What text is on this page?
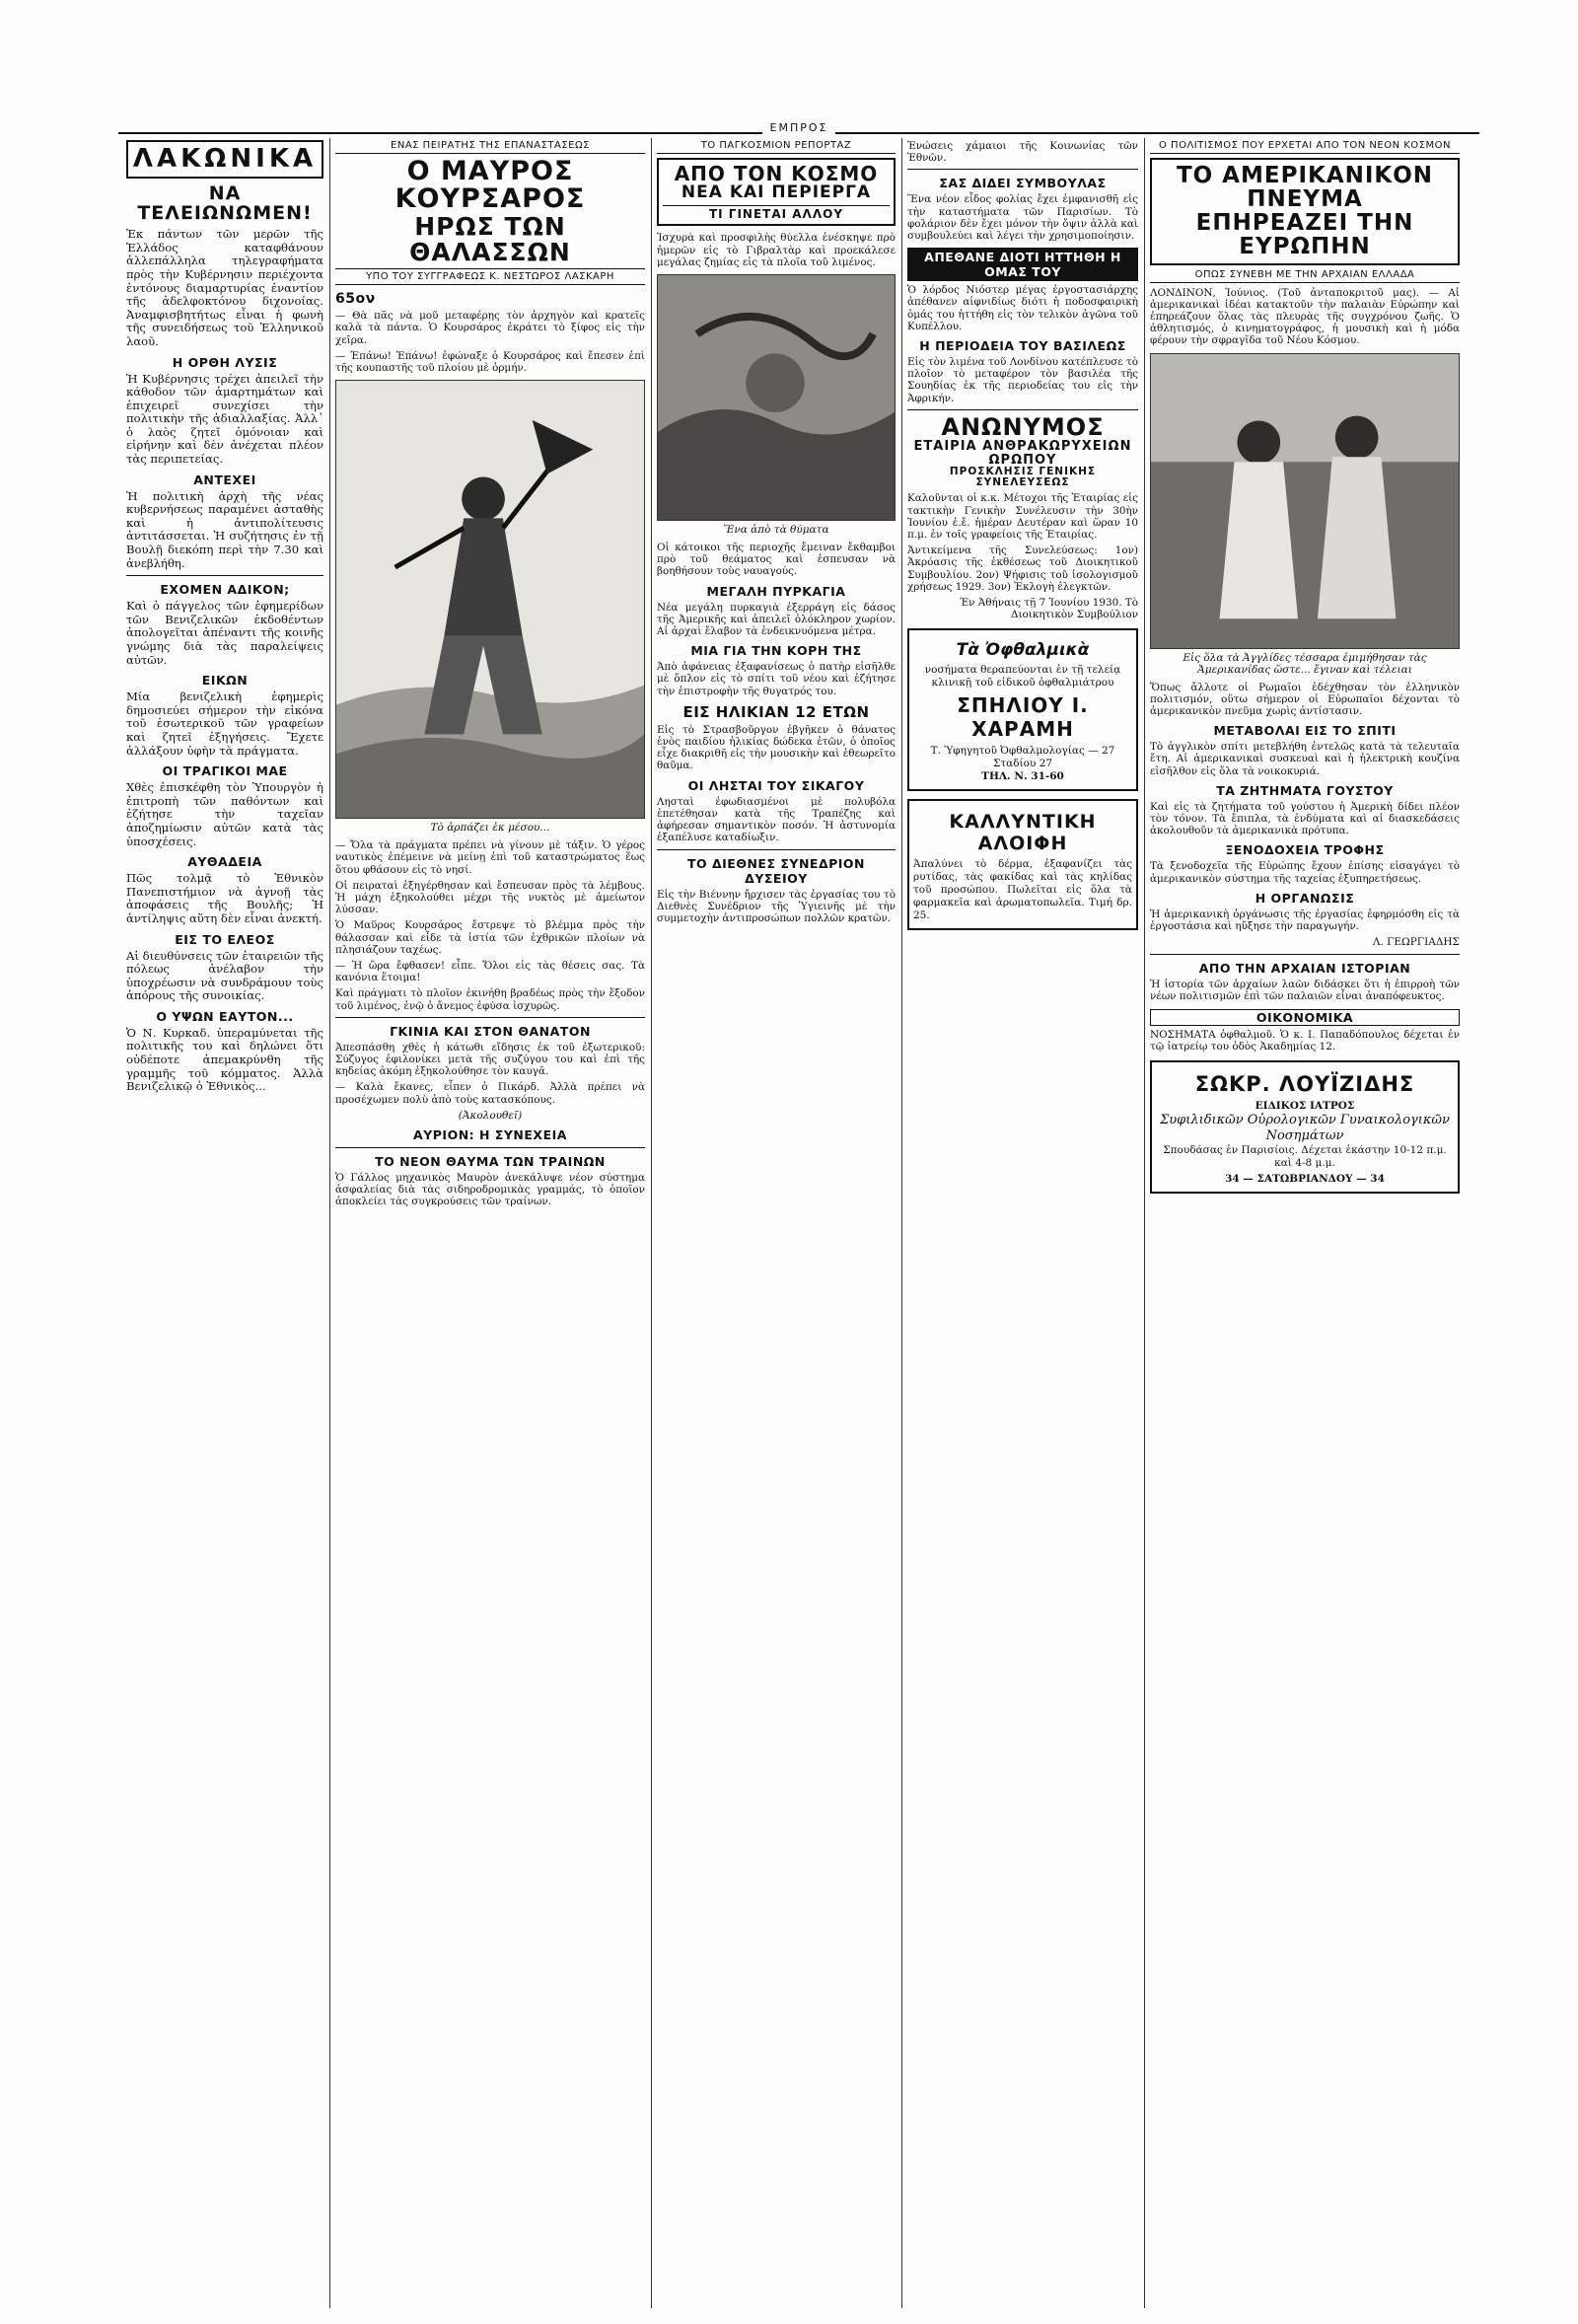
$^{EM\Pi PO\Sigma}$
ΛΑΚΩΝΙΚΑ
ΝΑ ΤΕΛΕΙΩΝΩΜΕΝ!

Ἐκ πάντων τῶν μερῶν τῆς Ἑλλάδος καταφθάνουν ἀλλεπάλληλα τηλεγραφήματα πρὸς τὴν Κυβέρνησιν περιέχοντα ἐντόνους διαμαρτυρίας ἐναντίον τῆς ἀδελφοκτόνου διχονοίας. Ἀναμφισβητήτως εἶναι ἡ φωνὴ τῆς συνειδήσεως τοῦ Ἑλληνικοῦ λαοῦ.

Η ΟΡΘΗ ΛΥΣΙΣ

Ἡ Κυβέρνησις τρέχει ἀπειλεῖ τὴν κάθοδον τῶν ἀμαρτημάτων καὶ ἐπιχειρεῖ συνεχίσει τὴν πολιτικὴν τῆς ἀδιαλλαξίας. Ἀλλ᾽ ὁ λαὸς ζητεῖ ὁμόνοιαν καὶ εἰρήνην καὶ δὲν ἀνέχεται πλέον τὰς περιπετείας.

ΑΝΤΕΧΕΙ

Ἡ πολιτικὴ ἀρχὴ τῆς νέας κυβερνήσεως παραμένει ἀσταθὴς καὶ ἡ ἀντιπολίτευσις ἀντιτάσσεται. Ἡ συζήτησις ἐν τῇ Βουλῇ διεκόπη περὶ τὴν 7.30 καὶ ἀνεβλήθη.

ΕΧΟΜΕΝ ΑΔΙΚΟΝ;

Καὶ ὁ πάγγελος τῶν ἐφημερίδων τῶν Βενιζελικῶν ἐκδοθέντων ἀπολογεῖται ἀπέναντι τῆς κοινῆς γνώμης διὰ τὰς παραλείψεις αὐτῶν.

ΕΙΚΩΝ

Μία βενιζελικὴ ἐφημερὶς δημοσιεύει σήμερον τὴν εἰκόνα τοῦ ἐσωτερικοῦ τῶν γραφείων καὶ ζητεῖ ἐξηγήσεις. Ἔχετε ἀλλάξουν ὑφὴν τὰ πράγματα.

ΟΙ ΤΡΑΓΙΚΟΙ ΜΑΕ

Χθὲς ἐπισκέφθη τὸν Ὑπουργὸν ἡ ἐπιτροπὴ τῶν παθόντων καὶ ἐζήτησε τὴν ταχεῖαν ἀποζημίωσιν αὐτῶν κατὰ τὰς ὑποσχέσεις.

ΑΥΘΑΔΕΙΑ

Πῶς τολμᾷ τὸ Ἐθνικὸν Πανεπιστήμιον νὰ ἀγνοῇ τὰς ἀποφάσεις τῆς Βουλῆς; Ἡ ἀντίληψις αὕτη δὲν εἶναι ἀνεκτή.

ΕΙΣ ΤΟ ΕΛΕΟΣ

Αἱ διευθύνσεις τῶν ἑταιρειῶν τῆς πόλεως ἀνέλαβον τὴν ὑποχρέωσιν νὰ συνδράμουν τοὺς ἀπόρους τῆς συνοικίας.

Ο ΥΨΩΝ ΕΑΥΤΟΝ...

Ὁ Ν. Κυρκαδ. ὑπεραμύνεται τῆς πολιτικῆς του καὶ δηλώνει ὅτι οὐδέποτε ἀπεμακρύνθη τῆς γραμμῆς τοῦ κόμματος. Ἀλλὰ Βενιζελικῷ ὁ Ἐθνικὸς...

ΕΝΑΣ ΠΕΙΡΑΤΗΣ ΤΗΣ ΕΠΑΝΑΣΤΑΣΕΩΣ
Ο ΜΑΥΡΟΣ ΚΟΥΡΣΑΡΟΣ
ΗΡΩΣ ΤΩΝ ΘΑΛΑΣΣΩΝ
ΥΠΟ ΤΟΥ ΣΥΓΓΡΑΦΕΩΣ Κ. ΝΕΣΤΩΡΟΣ ΛΑΣΚΑΡΗ
65ον

— Θὰ πᾶς νὰ μοῦ μεταφέρῃς τὸν ἀρχηγὸν καὶ κρατεῖς καλὰ τὰ πάντα. Ὁ Κουρσάρος ἐκράτει τὸ ξίφος εἰς τὴν χεῖρα.

— Ἐπάνω! Ἐπάνω! ἐφώναξε ὁ Κουρσάρος καὶ ἔπεσεν ἐπὶ τῆς κουπαστῆς τοῦ πλοίου μὲ ὁρμήν.

Τὸ ἀρπάζει ἐκ μέσου...

— Ὄλα τὰ πράγματα πρέπει νὰ γίνουν μὲ τάξιν. Ὁ γέρος ναυτικὸς ἐπέμεινε νὰ μείνῃ ἐπὶ τοῦ καταστρώματος ἕως ὅτου φθάσουν εἰς τὸ νησί.

Οἱ πειραταὶ ἐξηγέρθησαν καὶ ἔσπευσαν πρὸς τὰ λέμβους. Ἡ μάχη ἐξηκολούθει μέχρι τῆς νυκτὸς μὲ ἀμείωτον λύσσαν.

Ὁ Μαῦρος Κουρσάρος ἔστρεψε τὸ βλέμμα πρὸς τὴν θάλασσαν καὶ εἶδε τὰ ἱστία τῶν ἐχθρικῶν πλοίων νὰ πλησιάζουν ταχέως.

— Ἡ ὥρα ἔφθασεν! εἶπε. Ὅλοι εἰς τὰς θέσεις σας. Τὰ κανόνια ἕτοιμα!

Καὶ πράγματι τὸ πλοῖον ἐκινήθη βραδέως πρὸς τὴν ἔξοδον τοῦ λιμένος, ἐνῷ ὁ ἄνεμος ἐφύσα ἰσχυρῶς.

ΓΚΙΝΙΑ ΚΑΙ ΣΤΟΝ ΘΑΝΑΤΟΝ

Ἀπεσπάσθη χθὲς ἡ κάτωθι εἴδησις ἐκ τοῦ ἐξωτερικοῦ: Σύζυγος ἐφιλονίκει μετὰ τῆς συζύγου του καὶ ἐπὶ τῆς κηδείας ἀκόμη ἐξηκολούθησε τὸν καυγᾶ.

— Καλὰ ἔκανες, εἶπεν ὁ Πικάρδ. Ἀλλὰ πρέπει νὰ προσέχωμεν πολὺ ἀπὸ τοὺς κατασκόπους.

(Ἀκολουθεῖ)
ΑΥΡΙΟΝ: Η ΣΥΝΕΧΕΙΑ
ΤΟ ΝΕΟΝ ΘΑΥΜΑ ΤΩΝ ΤΡΑΙΝΩΝ

Ὁ Γάλλος μηχανικὸς Μαυρὸν ἀνεκάλυψε νέον σύστημα ἀσφαλείας διὰ τὰς σιδηροδρομικὰς γραμμάς, τὸ ὁποῖον ἀποκλείει τὰς συγκρούσεις τῶν τραίνων.

ΤΟ ΠΑΓΚΟΣΜΙΟΝ ΡΕΠΟΡΤΑΖ
ΑΠΟ ΤΟΝ ΚΟΣΜΟ
ΝΕΑ ΚΑΙ ΠΕΡΙΕΡΓΑ
ΤΙ ΓΙΝΕΤΑΙ ΑΛΛΟΥ

Ἰσχυρὰ καὶ προσφιλὴς θύελλα ἐνέσκηψε πρὸ ἡμερῶν εἰς τὸ Γιβραλτὰρ καὶ προεκάλεσε μεγάλας ζημίας εἰς τὰ πλοῖα τοῦ λιμένος.

Ἕνα ἀπὸ τὰ θύματα

Οἱ κάτοικοι τῆς περιοχῆς ἔμειναν ἔκθαμβοι πρὸ τοῦ θεάματος καὶ ἐσπευσαν νὰ βοηθήσουν τοὺς ναυαγούς.

ΜΕΓΑΛΗ ΠΥΡΚΑΓΙΑ

Νέα μεγάλη πυρκαγιὰ ἐξερράγη εἰς δάσος τῆς Ἀμερικῆς καὶ ἀπειλεῖ ὁλόκληρον χωρίον. Αἱ ἀρχαὶ ἔλαβον τὰ ἐνδεικνυόμενα μέτρα.

ΜΙΑ ΓΙΑ ΤΗΝ ΚΟΡΗ ΤΗΣ

Ἀπὸ ἀφάνειας ἐξαφανίσεως ὁ πατὴρ εἰσῆλθε μὲ ὅπλον εἰς τὸ σπίτι τοῦ νέου καὶ ἐζήτησε τὴν ἐπιστροφὴν τῆς θυγατρός του.

ΕΙΣ ΗΛΙΚΙΑΝ 12 ΕΤΩΝ

Εἰς τὸ Στρασβοῦργον ἐβγῆκεν ὁ θάνατος ἑνὸς παιδίου ἡλικίας δώδεκα ἐτῶν, ὁ ὁποῖος εἶχε διακριθῆ εἰς τὴν μουσικὴν καὶ ἐθεωρεῖτο θαῦμα.

ΟΙ ΛΗΣΤΑΙ ΤΟΥ ΣΙΚΑΓΟΥ

Λησταὶ ἐφωδιασμένοι μὲ πολυβόλα ἐπετέθησαν κατὰ τῆς Τραπέζης καὶ ἀφήρεσαν σημαντικὸν ποσόν. Ἡ ἀστυνομία ἐξαπέλυσε καταδίωξιν.

ΤΟ ΔΙΕΘΝΕΣ ΣΥΝΕΔΡΙΟΝ ΔΥΣΕΙΟΥ

Εἰς τὴν Βιέννην ἤρχισεν τὰς ἐργασίας του τὸ Διεθνὲς Συνέδριον τῆς Ὑγιεινῆς μὲ τὴν συμμετοχὴν ἀντιπροσώπων πολλῶν κρατῶν.

Ἐνώσεις χάμαιοι τῆς Κοινωνίας τῶν Ἐθνῶν.

ΣΑΣ ΔΙΔΕΙ ΣΥΜΒΟΥΛΑΣ

Ἕνα νέον εἶδος φολίας ἔχει ἐμφανισθῆ εἰς τὴν καταστήματα τῶν Παρισίων. Τὸ φολάριον δὲν ἔχει μόνον τὴν ὄψιν ἀλλὰ καὶ συμβουλεύει καὶ λέγει τὴν χρησιμοποίησιν.

ΑΠΕΘΑΝΕ ΔΙΟΤΙ ΗΤΤΗΘΗ Η ΟΜΑΣ ΤΟΥ

Ὁ λόρδος Νιόστερ μέγας ἐργοστασιάρχης ἀπέθανεν αἰφνιδίως διότι ἡ ποδοσφαιρικὴ ὁμάς του ἡττήθη εἰς τὸν τελικὸν ἀγῶνα τοῦ Κυπέλλου.

Η ΠΕΡΙΟΔΕΙΑ ΤΟΥ ΒΑΣΙΛΕΩΣ

Εἰς τὸν λιμένα τοῦ Λονδίνου κατέπλευσε τὸ πλοῖον τὸ μεταφέρον τὸν βασιλέα τῆς Σουηδίας ἐκ τῆς περιοδείας του εἰς τὴν Ἀφρικήν.

ΑΝΩΝΥΜΟΣ
ΕΤΑΙΡΙΑ ΑΝΘΡΑΚΩΡΥΧΕΙΩΝ ΩΡΩΠΟΥ
ΠΡΟΣΚΛΗΣΙΣ ΓΕΝΙΚΗΣ ΣΥΝΕΛΕΥΣΕΩΣ

Καλοῦνται οἱ κ.κ. Μέτοχοι τῆς Ἑταιρίας εἰς τακτικὴν Γενικὴν Συνέλευσιν τὴν 30ὴν Ἰουνίου ἐ.ἔ. ἡμέραν Δευτέραν καὶ ὥραν 10 π.μ. ἐν τοῖς γραφείοις τῆς Ἑταιρίας.

Ἀντικείμενα τῆς Συνελεύσεως: 1ον) Ἀκρόασις τῆς ἐκθέσεως τοῦ Διοικητικοῦ Συμβουλίου. 2ον) Ψήφισις τοῦ ἰσολογισμοῦ χρήσεως 1929. 3ον) Ἐκλογὴ ἐλεγκτῶν.

Ἐν Ἀθήναις τῇ 7 Ἰουνίου 1930. Τὸ Διοικητικὸν Συμβούλιον

Τὰ Ὀφθαλμικὰ
νοσήματα θεραπεύονται ἐν τῇ τελείᾳ κλινικῇ τοῦ εἰδικοῦ ὀφθαλμιάτρου
ΣΠΗΛΙΟΥ Ι. ΧΑΡΑΜΗ
Τ. Ὑφηγητοῦ Ὀφθαλμολογίας — 27 Σταδίου 27
ΤΗΛ. Ν. 31-60
ΚΑΛΛΥΝΤΙΚΗ ΑΛΟΙΦΗ
Ἀπαλύνει τὸ δέρμα, ἐξαφανίζει τὰς ρυτίδας, τὰς φακίδας καὶ τὰς κηλίδας τοῦ προσώπου. Πωλεῖται εἰς ὅλα τὰ φαρμακεῖα καὶ ἀρωματοπωλεῖα. Τιμή δρ. 25.
Ο ΠΟΛΙΤΙΣΜΟΣ ΠΟΥ ΕΡΧΕΤΑΙ ΑΠΟ ΤΟΝ ΝΕΟΝ ΚΟΣΜΟΝ
ΤΟ ΑΜΕΡΙΚΑΝΙΚΟΝ ΠΝΕΥΜΑ
ΕΠΗΡΕΑΖΕΙ ΤΗΝ ΕΥΡΩΠΗΝ
ΟΠΩΣ ΣΥΝΕΒΗ ΜΕ ΤΗΝ ΑΡΧΑΙΑΝ ΕΛΛΑΔΑ

ΛΟΝΔΙΝΟΝ, Ἰούνιος. (Τοῦ ἀνταποκριτοῦ μας). — Αἱ ἀμερικανικαὶ ἰδέαι κατακτοῦν τὴν παλαιὰν Εὐρώπην καὶ ἐπηρεάζουν ὅλας τὰς πλευρὰς τῆς συγχρόνου ζωῆς. Ὁ ἀθλητισμός, ὁ κινηματογράφος, ἡ μουσικὴ καὶ ἡ μόδα φέρουν τὴν σφραγῖδα τοῦ Νέου Κόσμου.

Εἰς ὅλα τὰ Ἀγγλίδες τέσσαρα ἐμιμήθησαν τὰς Ἀμερικανίδας ὥστε... ἔγιναν καὶ τέλειαι

Ὅπως ἄλλοτε οἱ Ρωμαῖοι ἐδέχθησαν τὸν ἑλληνικὸν πολιτισμόν, οὕτω σήμερον οἱ Εὐρωπαῖοι δέχονται τὸ ἀμερικανικὸν πνεῦμα χωρὶς ἀντίστασιν.

ΜΕΤΑΒΟΛΑΙ ΕΙΣ ΤΟ ΣΠΙΤΙ

Τὸ ἀγγλικὸν σπίτι μετεβλήθη ἐντελῶς κατὰ τὰ τελευταῖα ἔτη. Αἱ ἀμερικανικαὶ συσκευαὶ καὶ ἡ ἠλεκτρικὴ κουζίνα εἰσῆλθον εἰς ὅλα τὰ νοικοκυριά.

ΤΑ ΖΗΤΗΜΑΤΑ ΓΟΥΣΤΟΥ

Καὶ εἰς τὰ ζητήματα τοῦ γούστου ἡ Ἀμερικὴ δίδει πλέον τὸν τόνον. Τὰ ἔπιπλα, τὰ ἐνδύματα καὶ αἱ διασκεδάσεις ἀκολουθοῦν τὰ ἀμερικανικὰ πρότυπα.

ΞΕΝΟΔΟΧΕΙΑ ΤΡΟΦΗΣ

Τὰ ξενοδοχεῖα τῆς Εὐρώπης ἔχουν ἐπίσης εἰσαγάγει τὸ ἀμερικανικὸν σύστημα τῆς ταχείας ἐξυπηρετήσεως.

Η ΟΡΓΑΝΩΣΙΣ

Ἡ ἀμερικανικὴ ὀργάνωσις τῆς ἐργασίας ἐφηρμόσθη εἰς τὰ ἐργοστάσια καὶ ηὔξησε τὴν παραγωγήν.

Λ. ΓΕΩΡΓΙΑΔΗΣ
ΑΠΟ ΤΗΝ ΑΡΧΑΙΑΝ ΙΣΤΟΡΙΑΝ

Ἡ ἱστορία τῶν ἀρχαίων λαῶν διδάσκει ὅτι ἡ ἐπιρροὴ τῶν νέων πολιτισμῶν ἐπὶ τῶν παλαιῶν εἶναι ἀναπόφευκτος.

ΟΙΚΟΝΟΜΙΚΑ

ΝΟΣΗΜΑΤΑ ὀφθαλμοῦ. Ὁ κ. Ι. Παπαδόπουλος δέχεται ἐν τῷ ἰατρείῳ του ὁδὸς Ἀκαδημίας 12.

ΣΩΚΡ. ΛΟΥΪΖΙΔΗΣ
ΕΙΔΙΚΟΣ ΙΑΤΡΟΣ
Συφιλιδικῶν Οὐρολογικῶν Γυναικολογικῶν Νοσημάτων
Σπουδάσας ἐν Παρισίοις. Δέχεται ἑκάστην 10-12 π.μ. καὶ 4-8 μ.μ.
34 — ΣΑΤΩΒΡΙΑΝΔΟΥ — 34
